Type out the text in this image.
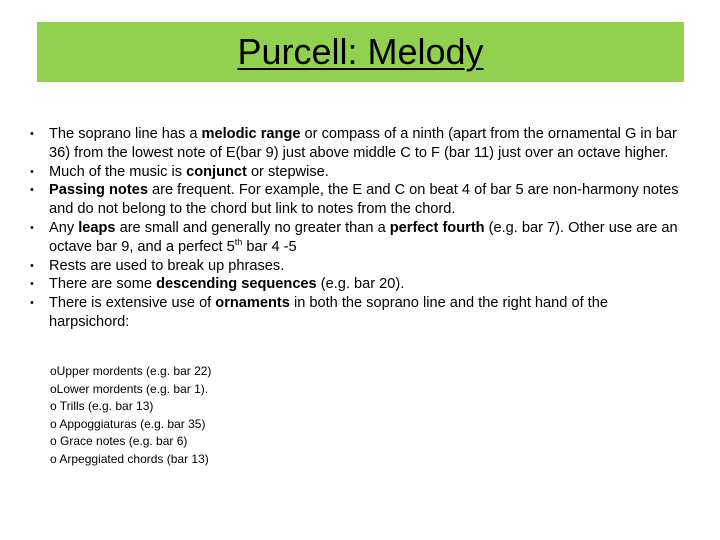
Purcell: Melody
• The soprano line has a melodic range or compass of a ninth (apart from the ornamental G in bar 36) from the lowest note of E(bar 9) just above middle C to F (bar 11) just over an octave higher.
• Much of the music is conjunct or stepwise.
• Passing notes are frequent. For example, the E and C on beat 4 of bar 5 are non-harmony notes and do not belong to the chord but link to notes from the chord.
• Any leaps are small and generally no greater than a perfect fourth (e.g. bar 7). Other use are an octave bar 9, and a perfect 5th bar 4 -5
• Rests are used to break up phrases.
• There are some descending sequences (e.g. bar 20).
• There is extensive use of ornaments in both the soprano line and the right hand of the harpsichord:
oUpper mordents (e.g. bar 22)
oLower mordents (e.g. bar 1).
o Trills (e.g. bar 13)
o Appoggiaturas (e.g. bar 35)
o Grace notes (e.g. bar 6)
o Arpeggiated chords (bar 13)
